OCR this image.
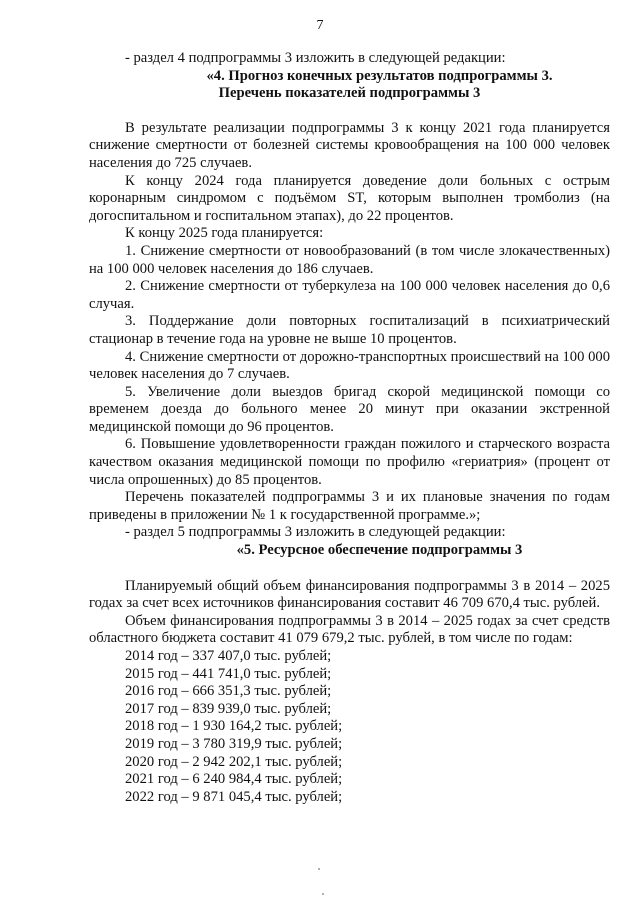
7

- раздел 4 подпрограммы 3 изложить в следующей редакции:

«4. Прогноз конечных результатов подпрограммы 3.

Перечень показателей подпрограммы 3

В результате реализации подпрограммы 3 к концу 2021 года планируется снижение смертности от болезней системы кровообращения на 100 000 человек населения до 725 случаев.

К концу 2024 года планируется доведение доли больных с острым коронарным синдромом с подъёмом ST, которым выполнен тромболиз (на догоспитальном и госпитальном этапах), до 22 процентов.

К концу 2025 года планируется:

1. Снижение смертности от новообразований (в том числе злокачественных) на 100 000 человек населения до 186 случаев.

2. Снижение смертности от туберкулеза на 100 000 человек населения до 0,6 случая.

3. Поддержание доли повторных госпитализаций в психиатрический стационар в течение года на уровне не выше 10 процентов.

4. Снижение смертности от дорожно-транспортных происшествий на 100 000 человек населения до 7 случаев.

5. Увеличение доли выездов бригад скорой медицинской помощи со временем доезда до больного менее 20 минут при оказании экстренной медицинской помощи до 96 процентов.

6. Повышение удовлетворенности граждан пожилого и старческого возраста качеством оказания медицинской помощи по профилю «гериатрия» (процент от числа опрошенных) до 85 процентов.

Перечень показателей подпрограммы 3 и их плановые значения по годам приведены в приложении № 1 к государственной программе.»;

- раздел 5 подпрограммы 3 изложить в следующей редакции:

«5. Ресурсное обеспечение подпрограммы 3

Планируемый общий объем финансирования подпрограммы 3 в 2014 – 2025 годах за счет всех источников финансирования составит 46 709 670,4 тыс. рублей.

Объем финансирования подпрограммы 3 в 2014 – 2025 годах за счет средств областного бюджета составит 41 079 679,2 тыс. рублей, в том числе по годам:

2014 год – 337 407,0 тыс. рублей;
2015 год – 441 741,0 тыс. рублей;
2016 год – 666 351,3 тыс. рублей;
2017 год – 839 939,0 тыс. рублей;
2018 год – 1 930 164,2 тыс. рублей;
2019 год – 3 780 319,9 тыс. рублей;
2020 год – 2 942 202,1 тыс. рублей;
2021 год – 6 240 984,4 тыс. рублей;
2022 год – 9 871 045,4 тыс. рублей;
